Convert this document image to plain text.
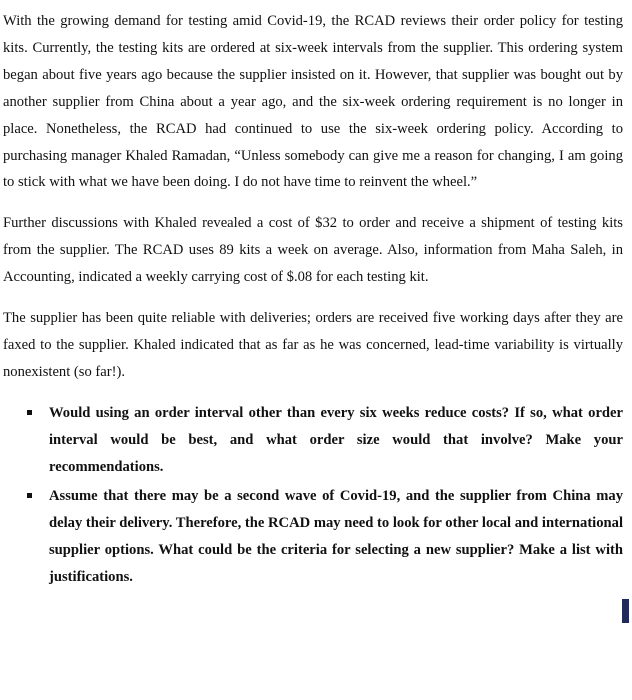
With the growing demand for testing amid Covid-19, the RCAD reviews their order policy for testing kits. Currently, the testing kits are ordered at six-week intervals from the supplier. This ordering system began about five years ago because the supplier insisted on it. However, that supplier was bought out by another supplier from China about a year ago, and the six-week ordering requirement is no longer in place. Nonetheless, the RCAD had continued to use the six-week ordering policy. According to purchasing manager Khaled Ramadan, “Unless somebody can give me a reason for changing, I am going to stick with what we have been doing. I do not have time to reinvent the wheel.”

Further discussions with Khaled revealed a cost of $32 to order and receive a shipment of testing kits from the supplier. The RCAD uses 89 kits a week on average. Also, information from Maha Saleh, in Accounting, indicated a weekly carrying cost of $.08 for each testing kit.

The supplier has been quite reliable with deliveries; orders are received five working days after they are faxed to the supplier. Khaled indicated that as far as he was concerned, lead-time variability is virtually nonexistent (so far!).

Would using an order interval other than every six weeks reduce costs? If so, what order interval would be best, and what order size would that involve? Make your recommendations.
Assume that there may be a second wave of Covid-19, and the supplier from China may delay their delivery. Therefore, the RCAD may need to look for other local and international supplier options. What could be the criteria for selecting a new supplier? Make a list with justifications.
